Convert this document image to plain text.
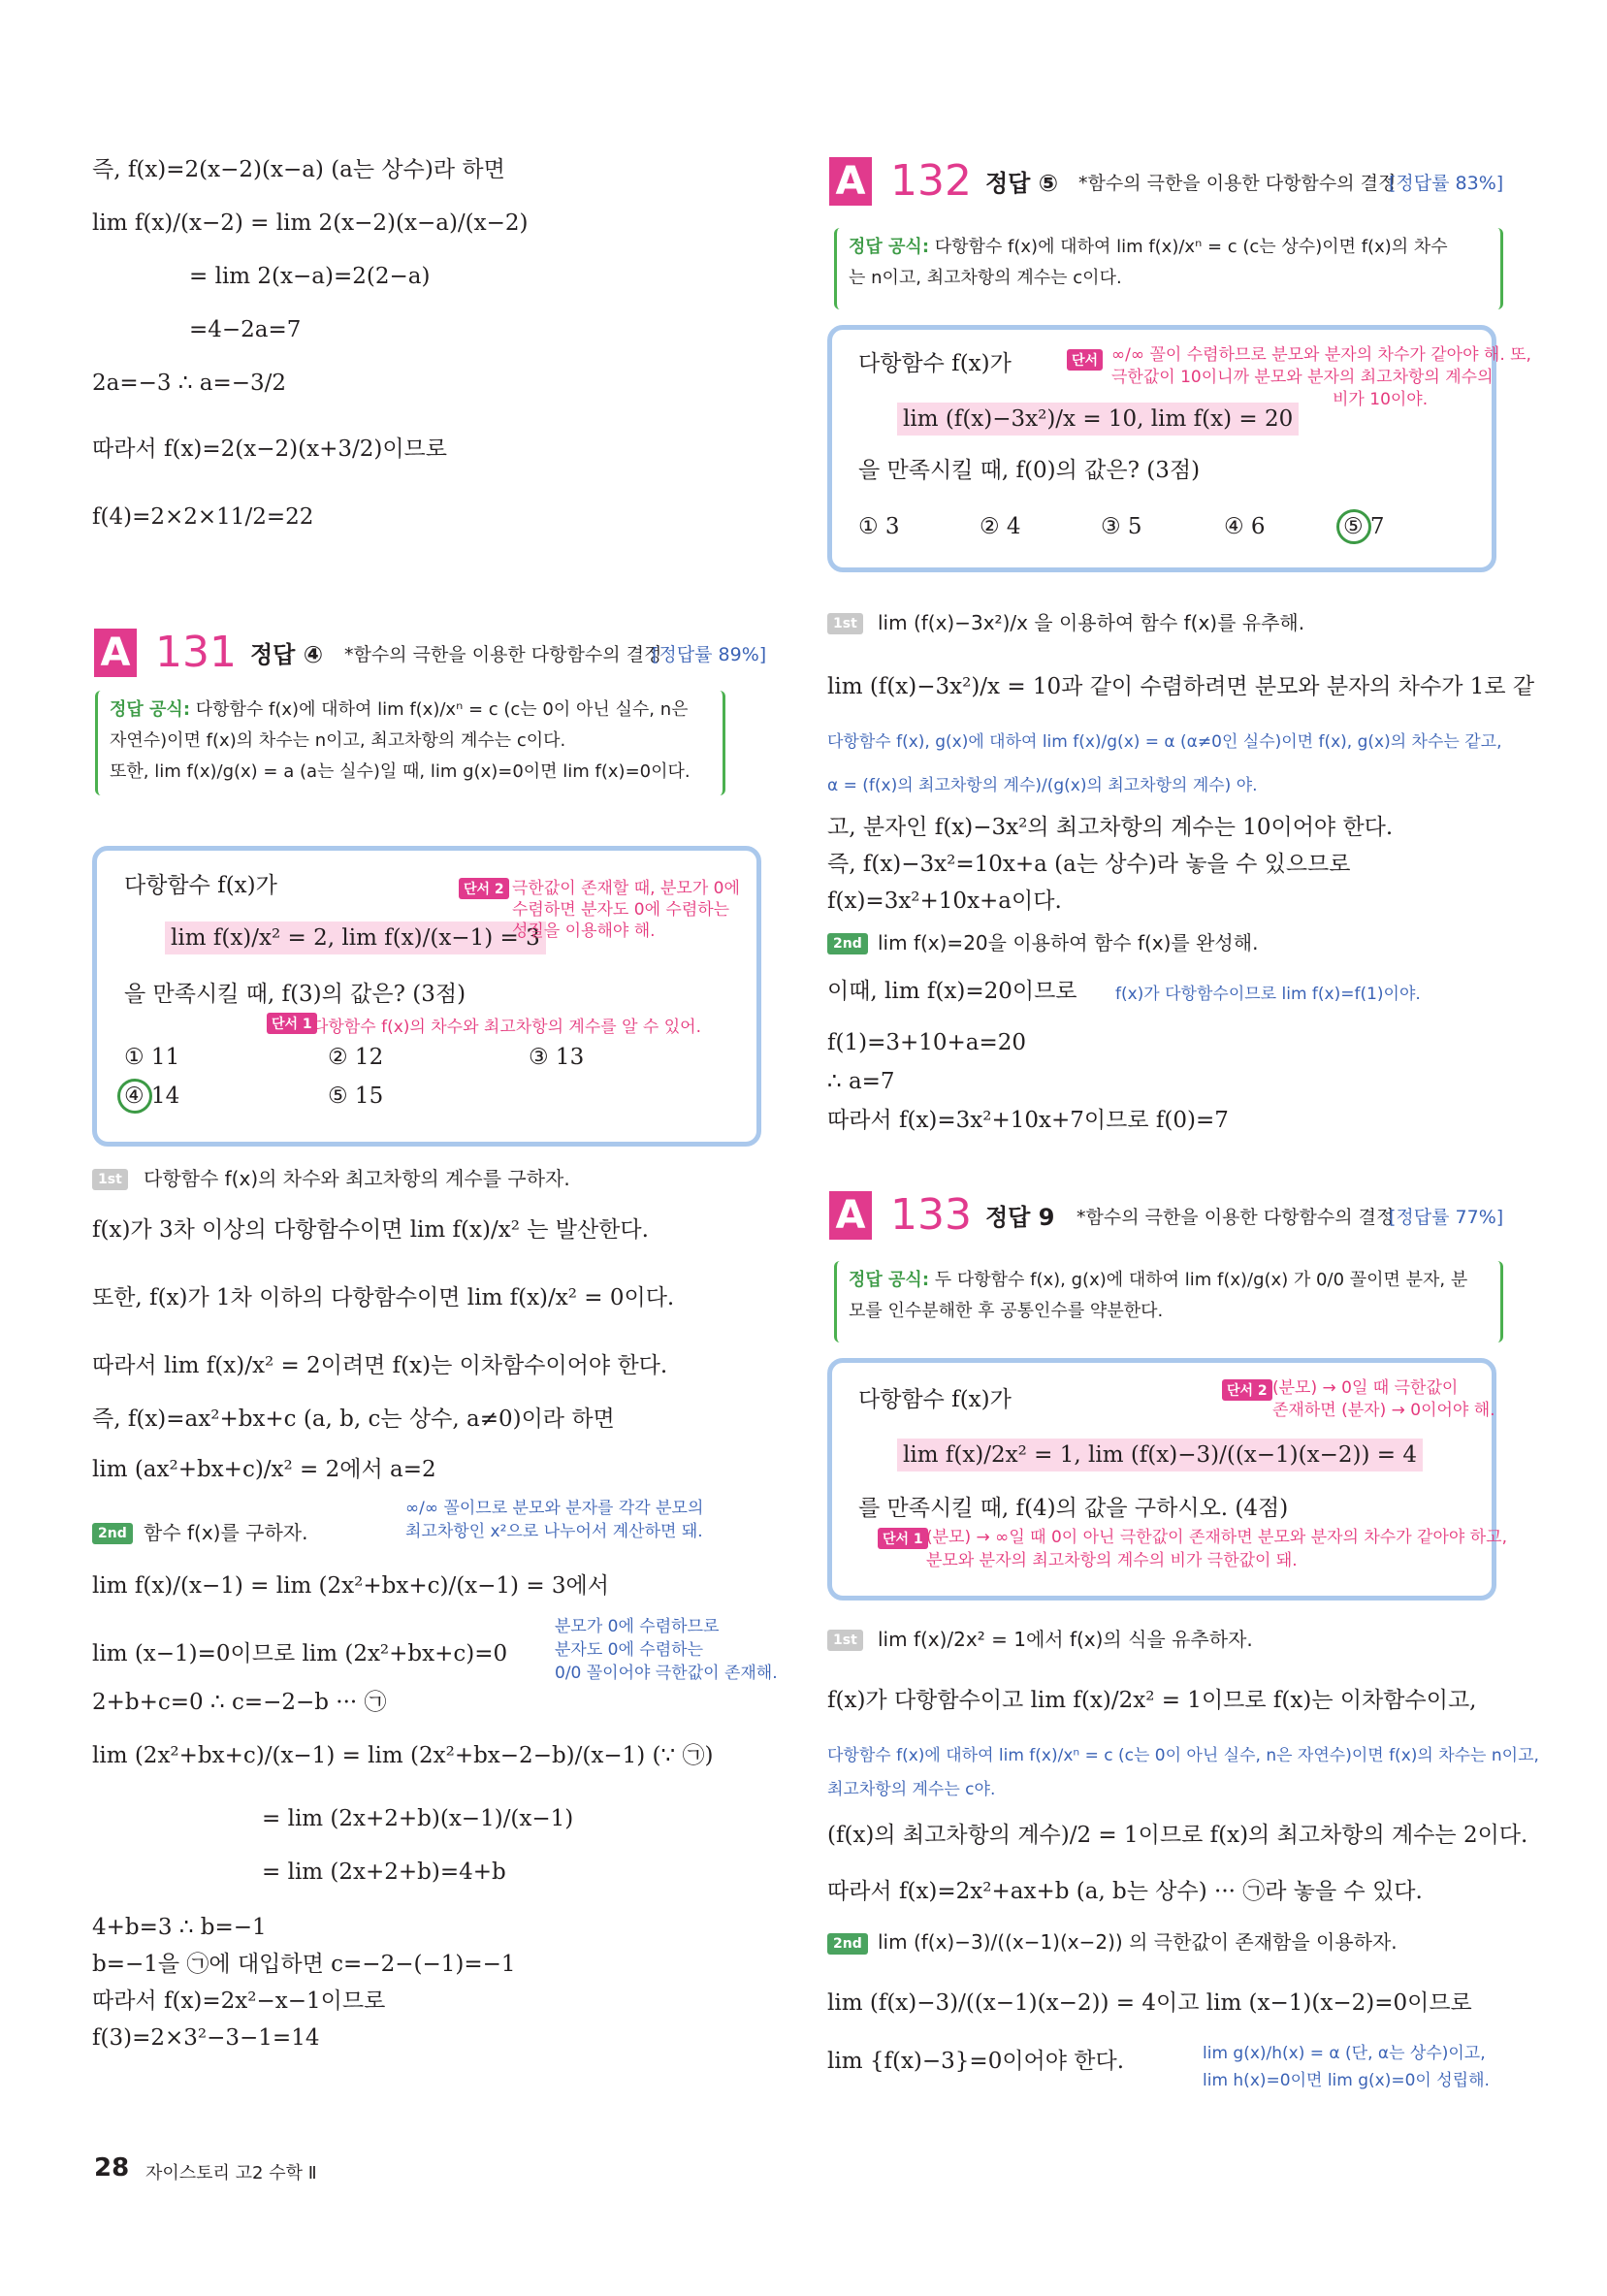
즉, f(x)=2(x−2)(x−a) (a는 상수)라 하면
lim f(x)/(x−2) = lim 2(x−2)(x−a)/(x−2)
= lim 2(x−a)=2(2−a)
=4−2a=7
2a=−3 ∴ a=−3/2
따라서 f(x)=2(x−2)(x+3/2)이므로
f(4)=2×2×11/2=22
A 131 정답 ④ *함수의 극한을 이용한 다항함수의 결정
[정답률 89%]
정답 공식: 다항함수 f(x)에 대하여 lim f(x)/xⁿ = c (c는 0이 아닌 실수, n은
자연수)이면 f(x)의 차수는 n이고, 최고차항의 계수는 c이다.
또한, lim f(x)/g(x) = a (a는 실수)일 때, lim g(x)=0이면 lim f(x)=0이다.
다항함수 f(x)가
lim f(x)/x² = 2, lim f(x)/(x−1) = 3
을 만족시킬 때, f(3)의 값은? (3점)
단서 2 극한값이 존재할 때, 분모가 0에
수렴하면 분자도 0에 수렴하는
성질을 이용해야 해.
단서 1 다항함수 f(x)의 차수와 최고차항의 계수를 알 수 있어.
① 11	② 12	③ 13
④ 14	⑤ 15
1st	다항함수 f(x)의 차수와 최고차항의 계수를 구하자.
f(x)가 3차 이상의 다항함수이면 lim f(x)/x² 는 발산한다.
또한, f(x)가 1차 이하의 다항함수이면 lim f(x)/x² = 0이다.
따라서 lim f(x)/x² = 2이려면 f(x)는 이차함수이어야 한다.
즉, f(x)=ax²+bx+c (a, b, c는 상수, a≠0)이라 하면
lim (ax²+bx+c)/x² = 2에서 a=2
∞/∞ 꼴이므로 분모와 분자를 각각 분모의
최고차항인 x²으로 나누어서 계산하면 돼.
2nd 함수 f(x)를 구하자.
lim f(x)/(x−1) = lim (2x²+bx+c)/(x−1) = 3에서
lim (x−1)=0이므로 lim (2x²+bx+c)=0
2+b+c=0 ∴ c=−2−b ··· ㉠
분모가 0에 수렴하므로
분자도 0에 수렴하는
0/0 꼴이어야 극한값이 존재해.
lim (2x²+bx+c)/(x−1) = lim (2x²+bx−2−b)/(x−1) (∵ ㉠)
= lim (2x+2+b)(x−1)/(x−1)
= lim (2x+2+b)=4+b
4+b=3 ∴ b=−1
b=−1을 ㉠에 대입하면 c=−2−(−1)=−1
따라서 f(x)=2x²−x−1이므로
f(3)=2×3²−3−1=14
A 132 정답 ⑤ *함수의 극한을 이용한 다항함수의 결정
[정답률 83%]
정답 공식: 다항함수 f(x)에 대하여 lim f(x)/xⁿ = c (c는 상수)이면 f(x)의 차수
는 n이고, 최고차항의 계수는 c이다.
다항함수 f(x)가
lim (f(x)−3x²)/x = 10, lim f(x) = 20
을 만족시킬 때, f(0)의 값은? (3점)
단서 ∞/∞ 꼴이 수렴하므로 분모와 분자의 차수가 같아야 해. 또,
극한값이 10이니까 분모와 분자의 최고차항의 계수의
비가 10이야.
① 3	② 4	③ 5	④ 6	⑤ 7
1st	lim (f(x)−3x²)/x 을 이용하여 함수 f(x)를 유추해.
lim (f(x)−3x²)/x = 10과 같이 수렴하려면 분모와 분자의 차수가 1로 같
다항함수 f(x), g(x)에 대하여 lim f(x)/g(x) = α (α≠0인 실수)이면 f(x), g(x)의 차수는 같고,
α = (f(x)의 최고차항의 계수)/(g(x)의 최고차항의 계수) 야.
고, 분자인 f(x)−3x²의 최고차항의 계수는 10이어야 한다.
즉, f(x)−3x²=10x+a (a는 상수)라 놓을 수 있으므로
f(x)=3x²+10x+a이다.
2nd lim f(x)=20을 이용하여 함수 f(x)를 완성해.
이때, lim f(x)=20이므로 f(x)가 다항함수이므로 lim f(x)=f(1)이야.
f(1)=3+10+a=20
∴ a=7
따라서 f(x)=3x²+10x+7이므로 f(0)=7
A 133 정답 9 *함수의 극한을 이용한 다항함수의 결정
[정답률 77%]
정답 공식: 두 다항함수 f(x), g(x)에 대하여 lim f(x)/g(x) 가 0/0 꼴이면 분자, 분
모를 인수분해한 후 공통인수를 약분한다.
다항함수 f(x)가
lim f(x)/2x² = 1, lim (f(x)−3)/((x−1)(x−2)) = 4
를 만족시킬 때, f(4)의 값을 구하시오. (4점)
단서 2 (분모) → 0일 때 극한값이
존재하면 (분자) → 0이어야 해.
단서 1 (분모) → ∞일 때 0이 아닌 극한값이 존재하면 분모와 분자의 차수가 같아야 하고,
분모와 분자의 최고차항의 계수의 비가 극한값이 돼.
1st	lim f(x)/2x² = 1에서 f(x)의 식을 유추하자.
f(x)가 다항함수이고 lim f(x)/2x² = 1이므로 f(x)는 이차함수이고,
다항함수 f(x)에 대하여 lim f(x)/xⁿ = c (c는 0이 아닌 실수, n은 자연수)이면 f(x)의 차수는 n이고,
최고차항의 계수는 c야.
(f(x)의 최고차항의 계수)/2 = 1이므로 f(x)의 최고차항의 계수는 2이다.
따라서 f(x)=2x²+ax+b (a, b는 상수) ··· ㉠라 놓을 수 있다.
2nd lim (f(x)−3)/((x−1)(x−2)) 의 극한값이 존재함을 이용하자.
lim (f(x)−3)/((x−1)(x−2)) = 4이고 lim (x−1)(x−2)=0이므로
lim {f(x)−3}=0이어야 한다.	lim g(x)/h(x) = α (단, α는 상수)이고,
lim h(x)=0이면 lim g(x)=0이 성립해.
28 자이스토리 고2 수학 Ⅱ
